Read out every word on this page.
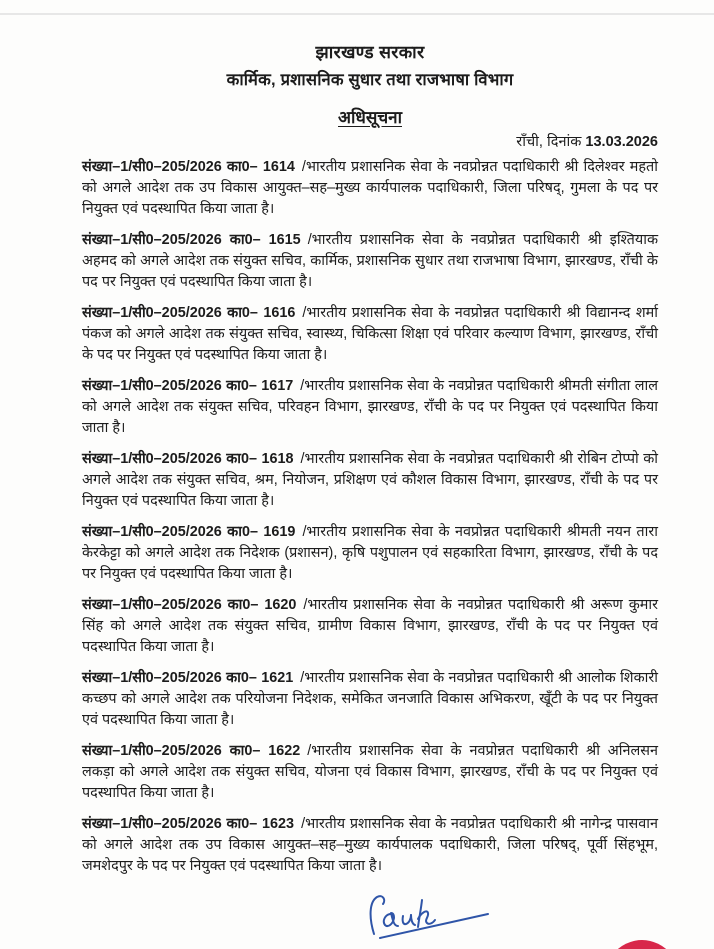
झारखण्ड सरकार

कार्मिक, प्रशासनिक सुधार तथा राजभाषा विभाग

अधिसूचना

राँची, दिनांक 13.03.2026

संख्या–1/सी0–205/2026 का0– 1614 /भारतीय प्रशासनिक सेवा के नवप्रोन्नत पदाधिकारी श्री दिलेश्वर महतो को अगले आदेश तक उप विकास आयुक्त–सह–मुख्य कार्यपालक पदाधिकारी, जिला परिषद्, गुमला के पद पर नियुक्त एवं पदस्थापित किया जाता है।

संख्या–1/सी0–205/2026 का0– 1615 /भारतीय प्रशासनिक सेवा के नवप्रोन्नत पदाधिकारी श्री इश्तियाक अहमद को अगले आदेश तक संयुक्त सचिव, कार्मिक, प्रशासनिक सुधार तथा राजभाषा विभाग, झारखण्ड, राँची के पद पर नियुक्त एवं पदस्थापित किया जाता है।

संख्या–1/सी0–205/2026 का0– 1616 /भारतीय प्रशासनिक सेवा के नवप्रोन्नत पदाधिकारी श्री विद्यानन्द शर्मा पंकज को अगले आदेश तक संयुक्त सचिव, स्वास्थ्य, चिकित्सा शिक्षा एवं परिवार कल्याण विभाग, झारखण्ड, राँची के पद पर नियुक्त एवं पदस्थापित किया जाता है।

संख्या–1/सी0–205/2026 का0– 1617 /भारतीय प्रशासनिक सेवा के नवप्रोन्नत पदाधिकारी श्रीमती संगीता लाल को अगले आदेश तक संयुक्त सचिव, परिवहन विभाग, झारखण्ड, राँची के पद पर नियुक्त एवं पदस्थापित किया जाता है।

संख्या–1/सी0–205/2026 का0– 1618 /भारतीय प्रशासनिक सेवा के नवप्रोन्नत पदाधिकारी श्री रोबिन टोप्पो को अगले आदेश तक संयुक्त सचिव, श्रम, नियोजन, प्रशिक्षण एवं कौशल विकास विभाग, झारखण्ड, राँची के पद पर नियुक्त एवं पदस्थापित किया जाता है।

संख्या–1/सी0–205/2026 का0– 1619 /भारतीय प्रशासनिक सेवा के नवप्रोन्नत पदाधिकारी श्रीमती नयन तारा केरकेट्टा को अगले आदेश तक निदेशक (प्रशासन), कृषि पशुपालन एवं सहकारिता विभाग, झारखण्ड, राँची के पद पर नियुक्त एवं पदस्थापित किया जाता है।

संख्या–1/सी0–205/2026 का0– 1620 /भारतीय प्रशासनिक सेवा के नवप्रोन्नत पदाधिकारी श्री अरूण कुमार सिंह को अगले आदेश तक संयुक्त सचिव, ग्रामीण विकास विभाग, झारखण्ड, राँची के पद पर नियुक्त एवं पदस्थापित किया जाता है।

संख्या–1/सी0–205/2026 का0– 1621 /भारतीय प्रशासनिक सेवा के नवप्रोन्नत पदाधिकारी श्री आलोक शिकारी कच्छप को अगले आदेश तक परियोजना निदेशक, समेकित जनजाति विकास अभिकरण, खूँटी के पद पर नियुक्त एवं पदस्थापित किया जाता है।

संख्या–1/सी0–205/2026 का0– 1622 /भारतीय प्रशासनिक सेवा के नवप्रोन्नत पदाधिकारी श्री अनिलसन लकड़ा को अगले आदेश तक संयुक्त सचिव, योजना एवं विकास विभाग, झारखण्ड, राँची के पद पर नियुक्त एवं पदस्थापित किया जाता है।

संख्या–1/सी0–205/2026 का0– 1623 /भारतीय प्रशासनिक सेवा के नवप्रोन्नत पदाधिकारी श्री नागेन्द्र पासवान को अगले आदेश तक उप विकास आयुक्त–सह–मुख्य कार्यपालक पदाधिकारी, जिला परिषद्, पूर्वी सिंहभूम, जमशेदपुर के पद पर नियुक्त एवं पदस्थापित किया जाता है।
